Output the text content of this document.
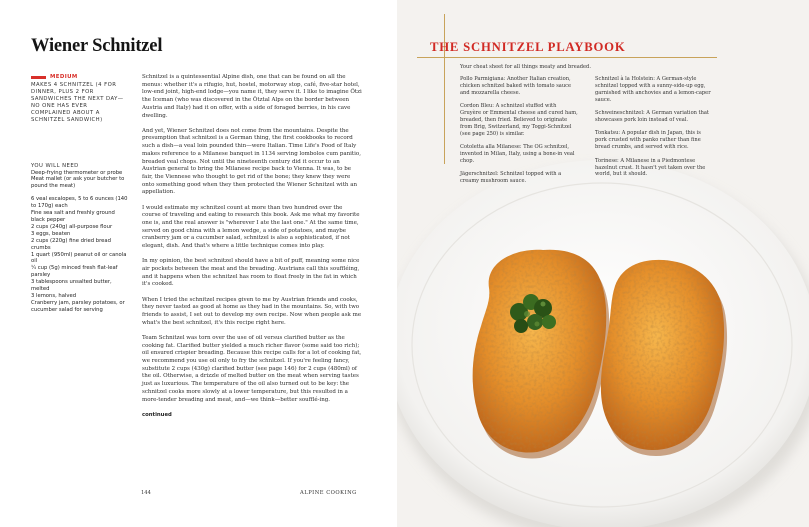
Wiener Schnitzel
MEDIUM
MAKES 4 SCHNITZEL (4 FOR DINNER, PLUS 2 FOR SANDWICHES THE NEXT DAY—NO ONE HAS EVER COMPLAINED ABOUT A SCHNITZEL SANDWICH)
YOU WILL NEED
Deep-frying thermometer or probe
Meat mallet (or ask your butcher to pound the meat)
6 veal escalopes, 5 to 6 ounces (140 to 170g) each
Fine sea salt and freshly ground black pepper
2 cups (240g) all-purpose flour
3 eggs, beaten
2 cups (220g) fine dried bread crumbs
1 quart (950ml) peanut oil or canola oil
¼ cup (5g) minced fresh flat-leaf parsley
3 tablespoons unsalted butter, melted
3 lemons, halved
Cranberry jam, parsley potatoes, or cucumber salad for serving

Schnitzel is a quintessential Alpine dish, one that can be found on all the menus: whether it's a rifugio, hut, hostel, motorway stop, café, five-star hotel, low-end joint, high-end lodge—you name it, they serve it. I like to imagine Ötzi the Iceman (who was discovered in the Ötztal Alps on the border between Austria and Italy) had it on offer, with a side of foraged berries, in his cave dwelling.

And yet, Wiener Schnitzel does not come from the mountains. Despite the presumption that schnitzel is a German thing, the first cookbooks to record such a dish—a veal loin pounded thin—were Italian. Time Life's Food of Italy makes reference to a Milanese banquet in 1134 serving lombolos cum panitio, breaded veal chops. Not until the nineteenth century did it occur to an Austrian general to bring the Milanese recipe back to Vienna. It was, to be fair, the Viennese who thought to get rid of the bone; they knew they were onto something good when they then protected the Wiener Schnitzel with an appellation.

I would estimate my schnitzel count at more than two hundred over the course of traveling and eating to research this book. Ask me what my favorite one is, and the real answer is "wherever I ate the last one." At the same time, served on good china with a lemon wedge, a side of potatoes, and maybe cranberry jam or a cucumber salad, schnitzel is also a sophisticated, if not elegant, dish. And that's where a little technique comes into play.

In my opinion, the best schnitzel should have a bit of puff, meaning some nice air pockets between the meat and the breading. Austrians call this souffléing, and it happens when the schnitzel has room to float freely in the fat in which it's cooked.

When I tried the schnitzel recipes given to me by Austrian friends and cooks, they never tasted as good at home as they had in the mountains. So, with two friends to assist, I set out to develop my own recipe. Now when people ask me what's the best schnitzel, it's this recipe right here.

Team Schnitzel was torn over the use of oil versus clarified butter as the cooking fat. Clarified butter yielded a much richer flavor (some said too rich); oil ensured crispier breading. Because this recipe calls for a lot of cooking fat, we recommend you use oil only to fry the schnitzel. If you're feeling fancy, substitute 2 cups (430g) clarified butter (see page 146) for 2 cups (480ml) of the oil. Otherwise, a drizzle of melted butter on the meat when serving tastes just as luxurious. The temperature of the oil also turned out to be key: the schnitzel cooks more slowly at a lower temperature, but this resulted in a more-tender breading and meat, and—we think—better soufflé-ing.

continued
144	ALPINE COOKING
THE SCHNITZEL PLAYBOOK
Your cheat sheet for all things meaty and breaded.

Pollo Parmigiana: Another Italian creation, chicken schnitzel baked with tomato sauce and mozzarella cheese.

Cordon Bleu: A schnitzel stuffed with Gruyère or Emmental cheese and cured ham, breaded, then fried. Believed to originate from Brig, Switzerland, my Toggi-Schnitzel (see page 250) is similar.

Cotoletta alla Milanese: The OG schnitzel, invented in Milan, Italy, using a bone-in veal chop.

Jägerschnitzel: Schnitzel topped with a creamy mushroom sauce.

Schnitzel à la Holstein: A German-style schnitzel topped with a sunny-side-up egg, garnished with anchovies and a lemon-caper sauce.

Schweineschnitzel: A German variation that showcases pork loin instead of veal.

Tonkatsu: A popular dish in Japan, this is pork crusted with panko rather than fine bread crumbs, and served with rice.

Torinese: A Milanese in a Piedmontese hazelnut crust. It hasn't yet taken over the world, but it should.
